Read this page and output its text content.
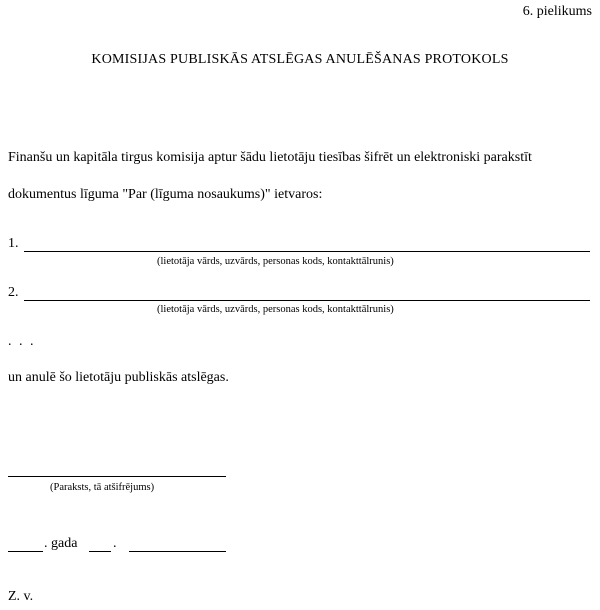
6. pielikums
KOMISIJAS PUBLISKĀS ATSLĒGAS ANULĒŠANAS PROTOKOLS
Finanšu un kapitāla tirgus komisija aptur šādu lietotāju tiesības šifrēt un elektroniski parakstīt
dokumentus līguma "Par (līguma nosaukums)" ietvaros:
1.
(lietotāja vārds, uzvārds, personas kods, kontakttālrunis)
2.
(lietotāja vārds, uzvārds, personas kods, kontakttālrunis)
. . .
un anulē šo lietotāju publiskās atslēgas.
(Paraksts, tā atšifrējums)
. gada	.
Z. v.
